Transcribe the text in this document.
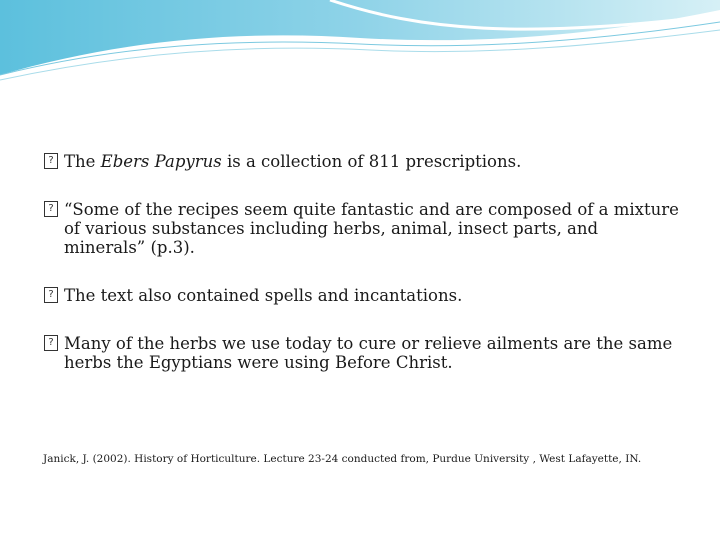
? The Ebers Papyrus is a collection of 811 prescriptions.
? “Some of the recipes seem quite fantastic and are composed of a mixture of various substances including herbs, animal, insect parts, and minerals” (p.3).
? The text also contained spells and incantations.
? Many of the herbs we use today to cure or relieve ailments are the same herbs the Egyptians were using Before Christ.
Janick, J. (2002). History of Horticulture. Lecture 23-24 conducted from, Purdue University , West Lafayette, IN.
